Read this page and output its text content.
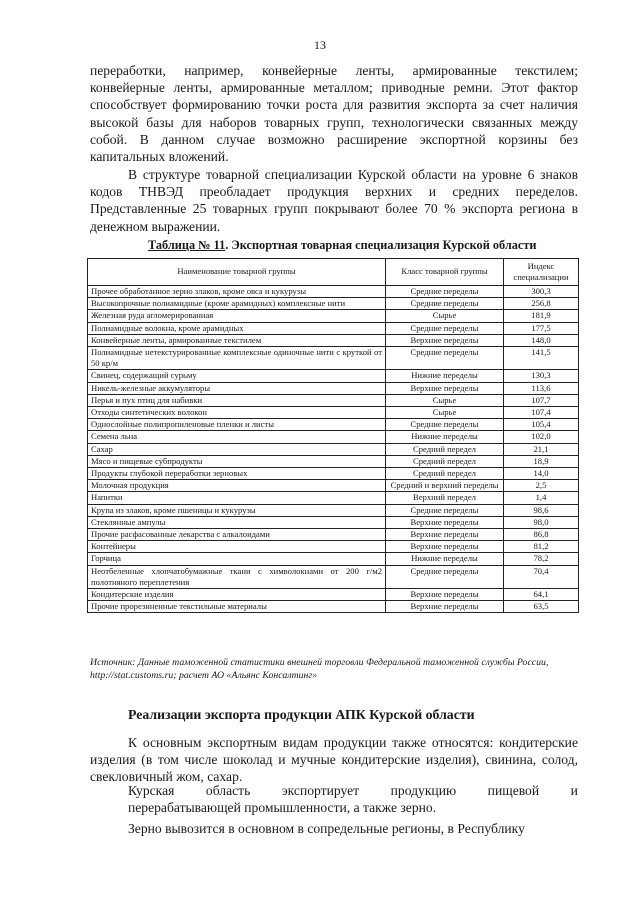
13

переработки, например, конвейерные ленты, армированные текстилем; конвейерные ленты, армированные металлом; приводные ремни. Этот фактор способствует формированию точки роста для развития экспорта за счет наличия высокой базы для наборов товарных групп, технологически связанных между собой. В данном случае возможно расширение экспортной корзины без капитальных вложений.

В структуре товарной специализации Курской области на уровне 6 знаков кодов ТНВЭД преобладает продукция верхних и средних переделов. Представленные 25 товарных групп покрывают более 70 % экспорта региона в денежном выражении.

Таблица № 11. Экспортная товарная специализация Курской области
Наименование товарной группы	Класс товарной группы	Индекс специализации
Прочее обработанное зерно злаков, кроме овса и кукурузы	Средние переделы	300,3
Высокопрочные полиамидные (кроме арамидных) комплексные нити	Средние переделы	256,8
Железная руда агломерированная	Сырье	181,9
Полиамидные волокна, кроме арамидных	Средние переделы	177,5
Конвейерные ленты, армированные текстилем	Верхние переделы	148,0
Полиамидные нетекстурированные комплексные одиночные нити с круткой от 50 кр/м	Средние переделы	141,5
Свинец, содержащий сурьму	Нижние переделы	130,3
Никель-железные аккумуляторы	Верхние переделы	113,6
Перья и пух птиц для набивки	Сырье	107,7
Отходы синтетических волокон	Сырье	107,4
Однослойные полипропиленовые пленки и листы	Средние переделы	105,4
Семена льна	Нижние переделы	102,0
Сахар	Средний передел	21,1
Мясо и пищевые субпродукты	Средний передел	18,9
Продукты глубокой переработки зерновых	Средний передел	14,0
Молочная продукция	Средний и верхний переделы	2,5
Напитки	Верхний передел	1,4
Крупа из злаков, кроме пшеницы и кукурузы	Средние переделы	98,6
Стеклянные ампулы	Верхние переделы	98,0
Прочие расфасованные лекарства с алкалоидами	Верхние переделы	86,8
Контейнеры	Верхние переделы	81,2
Горчица	Нижние переделы	78,2
Неотбеленные хлопчатобумажные ткани с химволокнами от 200 г/м2 полотняного переплетения	Средние переделы	70,4
Кондитерские изделия	Верхние переделы	64,1
Прочие прорезиненные текстильные материалы	Верхние переделы	63,5

Источник: Данные таможенной статистики внешней торговли Федеральной таможенной службы России, http://stat.customs.ru; расчет АО «Альянс Консалтинг»

Реализации экспорта продукции АПК Курской области

К основным экспортным видам продукции также относятся: кондитерские изделия (в том числе шоколад и мучные кондитерские изделия), свинина, солод, свекловичный жом, сахар.

Курская область экспортирует продукцию пищевой и
перерабатывающей промышленности, а также зерно.

Зерно вывозится в основном в сопредельные регионы, в Республику
